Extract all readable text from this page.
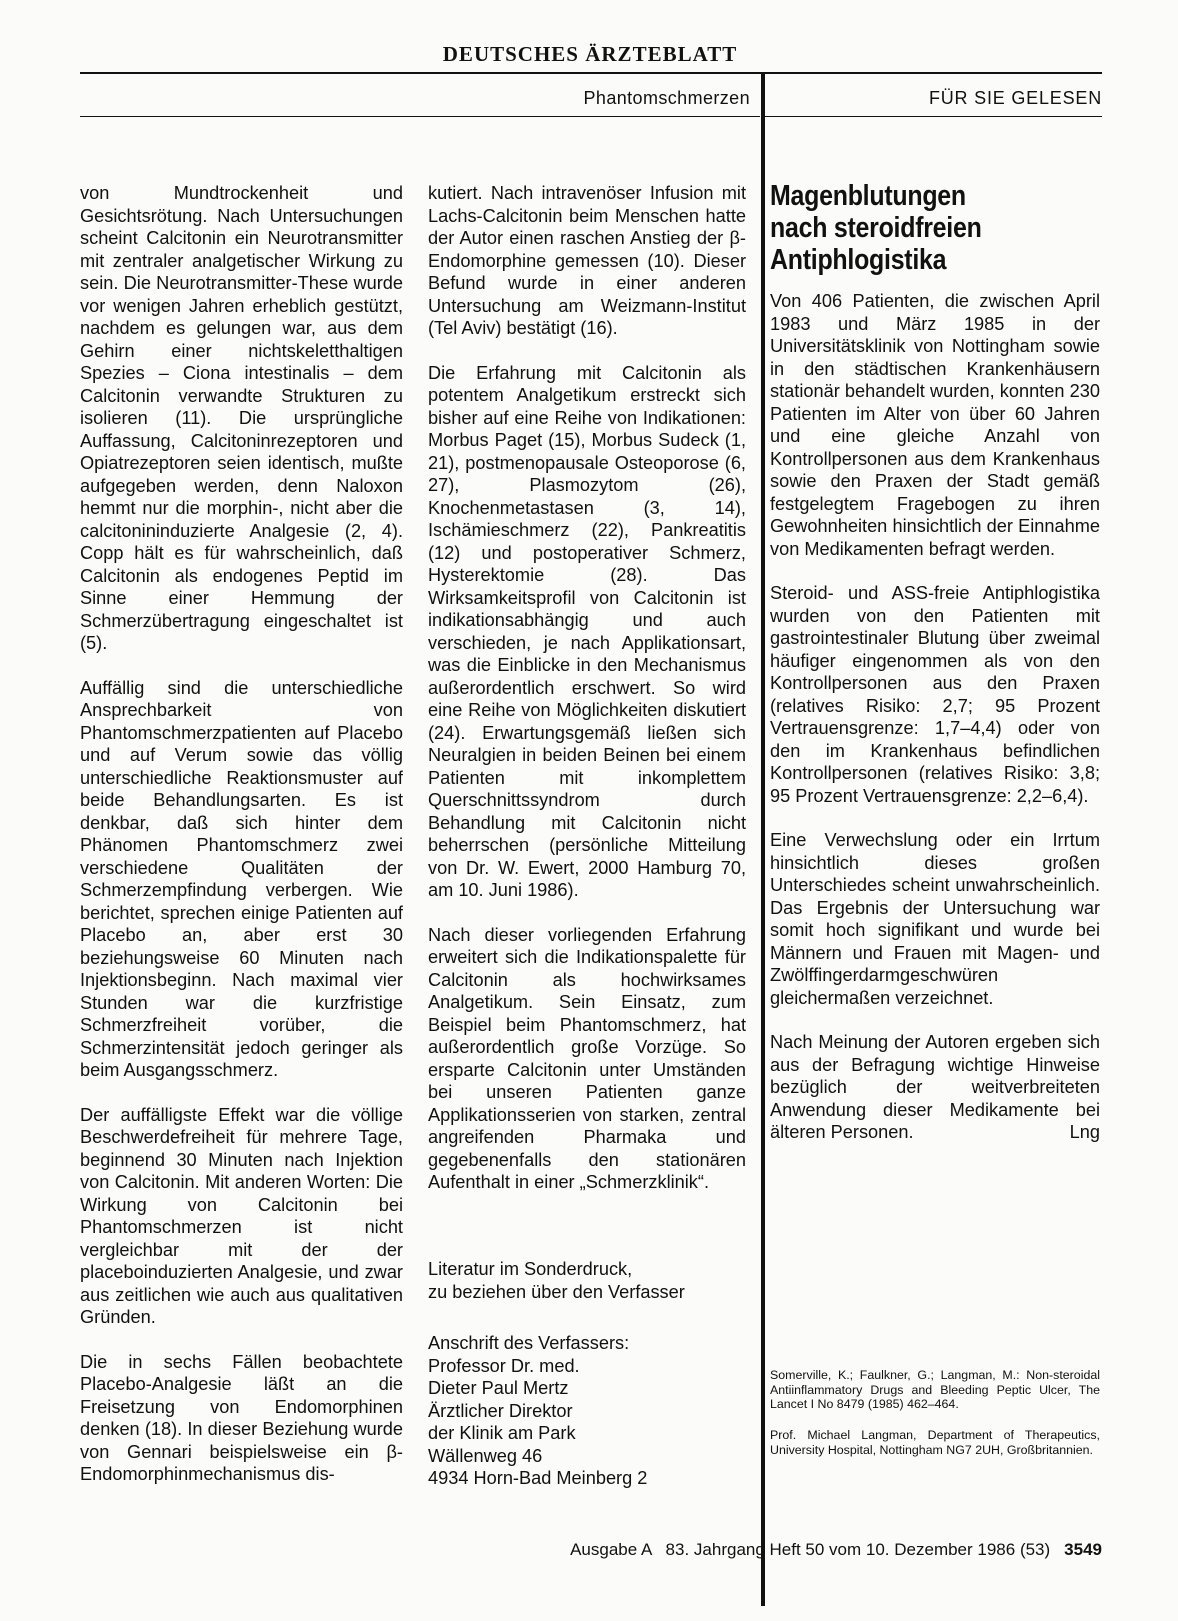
DEUTSCHES ÄRZTEBLATT
Phantomschmerzen	FÜR SIE GELESEN

von Mundtrockenheit und Gesichtsrötung. Nach Untersuchungen scheint Calcitonin ein Neurotransmitter mit zentraler analgetischer Wirkung zu sein. Die Neurotransmitter-These wurde vor wenigen Jahren erheblich gestützt, nachdem es gelungen war, aus dem Gehirn einer nichtskeletthaltigen Spezies – Ciona intestinalis – dem Calcitonin verwandte Strukturen zu isolieren (11). Die ursprüngliche Auffassung, Calcitoninrezeptoren und Opiatrezeptoren seien identisch, mußte aufgegeben werden, denn Naloxon hemmt nur die morphin-, nicht aber die calcitonininduzierte Analgesie (2, 4). Copp hält es für wahrscheinlich, daß Calcitonin als endogenes Peptid im Sinne einer Hemmung der Schmerzübertragung eingeschaltet ist (5).

Auffällig sind die unterschiedliche Ansprechbarkeit von Phantomschmerzpatienten auf Placebo und auf Verum sowie das völlig unterschiedliche Reaktionsmuster auf beide Behandlungsarten. Es ist denkbar, daß sich hinter dem Phänomen Phantomschmerz zwei verschiedene Qualitäten der Schmerzempfindung verbergen. Wie berichtet, sprechen einige Patienten auf Placebo an, aber erst 30 beziehungsweise 60 Minuten nach Injektionsbeginn. Nach maximal vier Stunden war die kurzfristige Schmerzfreiheit vorüber, die Schmerzintensität jedoch geringer als beim Ausgangsschmerz.

Der auffälligste Effekt war die völlige Beschwerdefreiheit für mehrere Tage, beginnend 30 Minuten nach Injektion von Calcitonin. Mit anderen Worten: Die Wirkung von Calcitonin bei Phantomschmerzen ist nicht vergleichbar mit der der placeboinduzierten Analgesie, und zwar aus zeitlichen wie auch aus qualitativen Gründen.

Die in sechs Fällen beobachtete Placebo-Analgesie läßt an die Freisetzung von Endomorphinen denken (18). In dieser Beziehung wurde von Gennari beispielsweise ein β-Endomorphinmechanismus dis-

kutiert. Nach intravenöser Infusion mit Lachs-Calcitonin beim Menschen hatte der Autor einen raschen Anstieg der β-Endomorphine gemessen (10). Dieser Befund wurde in einer anderen Untersuchung am Weizmann-Institut (Tel Aviv) bestätigt (16).

Die Erfahrung mit Calcitonin als potentem Analgetikum erstreckt sich bisher auf eine Reihe von Indikationen: Morbus Paget (15), Morbus Sudeck (1, 21), postmenopausale Osteoporose (6, 27), Plasmozytom (26), Knochenmetastasen (3, 14), Ischämieschmerz (22), Pankreatitis (12) und postoperativer Schmerz, Hysterektomie (28). Das Wirksamkeitsprofil von Calcitonin ist indikationsabhängig und auch verschieden, je nach Applikationsart, was die Einblicke in den Mechanismus außerordentlich erschwert. So wird eine Reihe von Möglichkeiten diskutiert (24). Erwartungsgemäß ließen sich Neuralgien in beiden Beinen bei einem Patienten mit inkomplettem Querschnittssyndrom durch Behandlung mit Calcitonin nicht beherrschen (persönliche Mitteilung von Dr. W. Ewert, 2000 Hamburg 70, am 10. Juni 1986).

Nach dieser vorliegenden Erfahrung erweitert sich die Indikationspalette für Calcitonin als hochwirksames Analgetikum. Sein Einsatz, zum Beispiel beim Phantomschmerz, hat außerordentlich große Vorzüge. So ersparte Calcitonin unter Umständen bei unseren Patienten ganze Applikationsserien von starken, zentral angreifenden Pharmaka und gegebenenfalls den stationären Aufenthalt in einer „Schmerzklinik“.

Literatur im Sonderdruck,
zu beziehen über den Verfasser
Anschrift des Verfassers:
Professor Dr. med.
Dieter Paul Mertz
Ärztlicher Direktor
der Klinik am Park
Wällenweg 46
4934 Horn-Bad Meinberg 2
Magenblutungen
nach steroidfreien
Antiphlogistika

Von 406 Patienten, die zwischen April 1983 und März 1985 in der Universitätsklinik von Nottingham sowie in den städtischen Krankenhäusern stationär behandelt wurden, konnten 230 Patienten im Alter von über 60 Jahren und eine gleiche Anzahl von Kontrollpersonen aus dem Krankenhaus sowie den Praxen der Stadt gemäß festgelegtem Fragebogen zu ihren Gewohnheiten hinsichtlich der Einnahme von Medikamenten befragt werden.

Steroid- und ASS-freie Antiphlogistika wurden von den Patienten mit gastrointestinaler Blutung über zweimal häufiger eingenommen als von den Kontrollpersonen aus den Praxen (relatives Risiko: 2,7; 95 Prozent Vertrauensgrenze: 1,7–4,4) oder von den im Krankenhaus befindlichen Kontrollpersonen (relatives Risiko: 3,8; 95 Prozent Vertrauensgrenze: 2,2–6,4).

Eine Verwechslung oder ein Irrtum hinsichtlich dieses großen Unterschiedes scheint unwahrscheinlich. Das Ergebnis der Untersuchung war somit hoch signifikant und wurde bei Männern und Frauen mit Magen- und Zwölffingerdarmgeschwüren gleichermaßen verzeichnet.

Nach Meinung der Autoren ergeben sich aus der Befragung wichtige Hinweise bezüglich der weitverbreiteten Anwendung dieser Medikamente bei älteren Personen.	Lng

Somerville, K.; Faulkner, G.; Langman, M.: Non-steroidal Antiinflammatory Drugs and Bleeding Peptic Ulcer, The Lancet I No 8479 (1985) 462–464.
Prof. Michael Langman, Department of Therapeutics, University Hospital, Nottingham NG7 2UH, Großbritannien.
Ausgabe A   83. Jahrgang Heft 50 vom 10. Dezember 1986 (53) 3549
